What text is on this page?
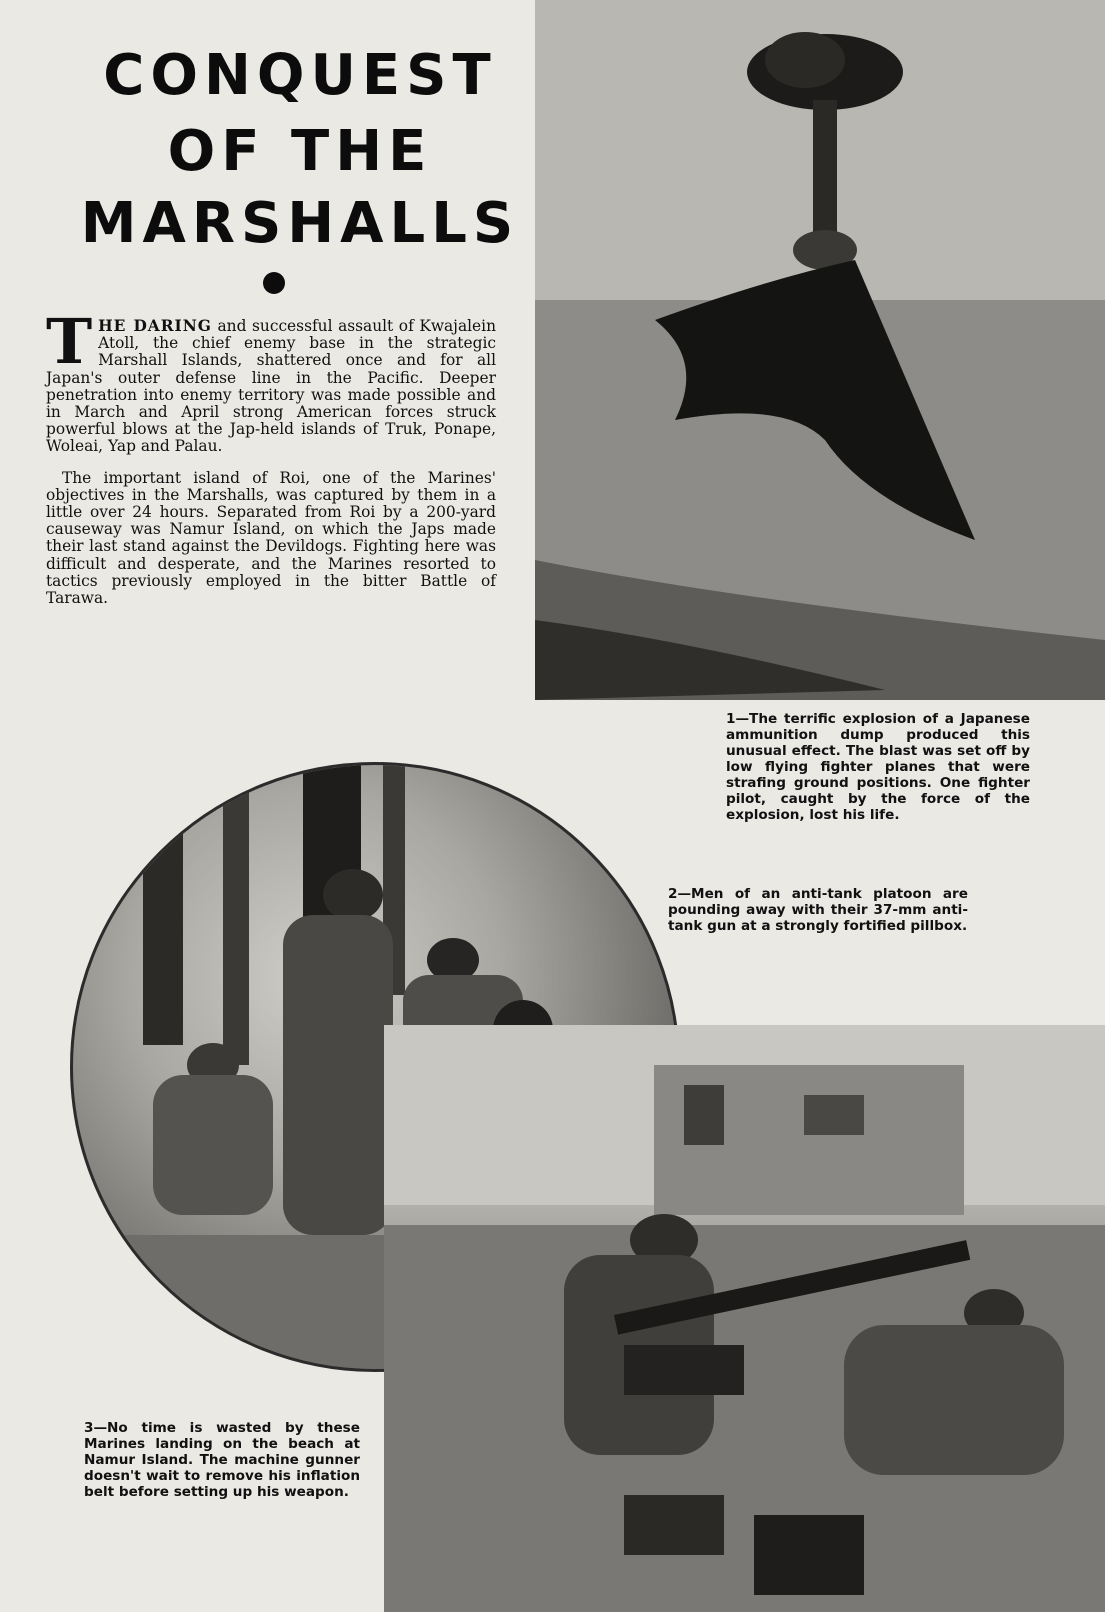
CONQUEST
OF THE
MARSHALLS

THE DARING and successful assault of Kwajalein Atoll, the chief enemy base in the strategic Marshall Islands, shattered once and for all Japan's outer defense line in the Pacific. Deeper penetration into enemy territory was made possible and in March and April strong American forces struck powerful blows at the Jap-held islands of Truk, Ponape, Woleai, Yap and Palau.

The important island of Roi, one of the Marines' objectives in the Marshalls, was captured by them in a little over 24 hours. Separated from Roi by a 200-yard causeway was Namur Island, on which the Japs made their last stand against the Devildogs. Fighting here was difficult and desperate, and the Marines resorted to tactics previously employed in the bitter Battle of Tarawa.

1—The terrific explosion of a Japanese ammunition dump produced this unusual effect. The blast was set off by low flying fighter planes that were strafing ground positions. One fighter pilot, caught by the force of the explosion, lost his life.

2—Men of an anti-tank platoon are pounding away with their 37-mm anti-tank gun at a strongly fortified pillbox.

3—No time is wasted by these Marines landing on the beach at Namur Island. The machine gunner doesn't wait to remove his inflation belt before setting up his weapon.
